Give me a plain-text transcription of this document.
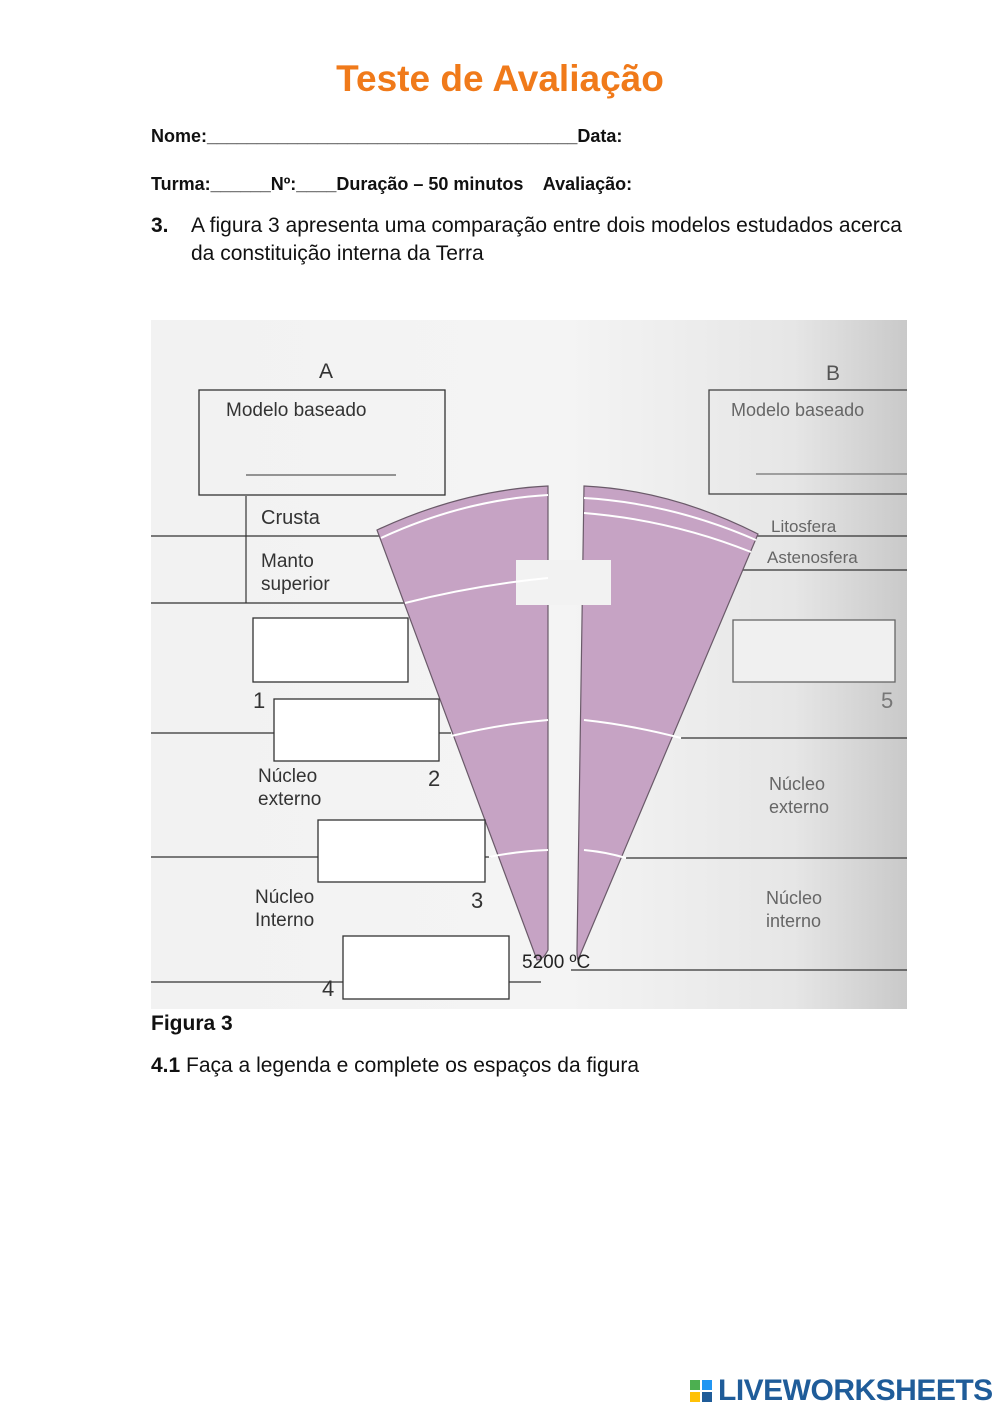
Teste de Avaliação
Nome:_____________________________________Data:
Turma:______Nº:____Duração – 50 minutos    Avaliação:
3. A figura 3 apresenta uma comparação entre dois modelos estudados acerca da constituição interna da Terra
A	B
Modelo baseado	Modelo baseado
Crusta
Manto
superior
Núcleo
externo
Núcleo
Interno
Litosfera
Astenosfera
Núcleo
externo
Núcleo
interno
1
2
3
4
5
5200 ºC
Figura 3
4.1 Faça a legenda e complete os espaços da figura
LIVEWORKSHEETS
